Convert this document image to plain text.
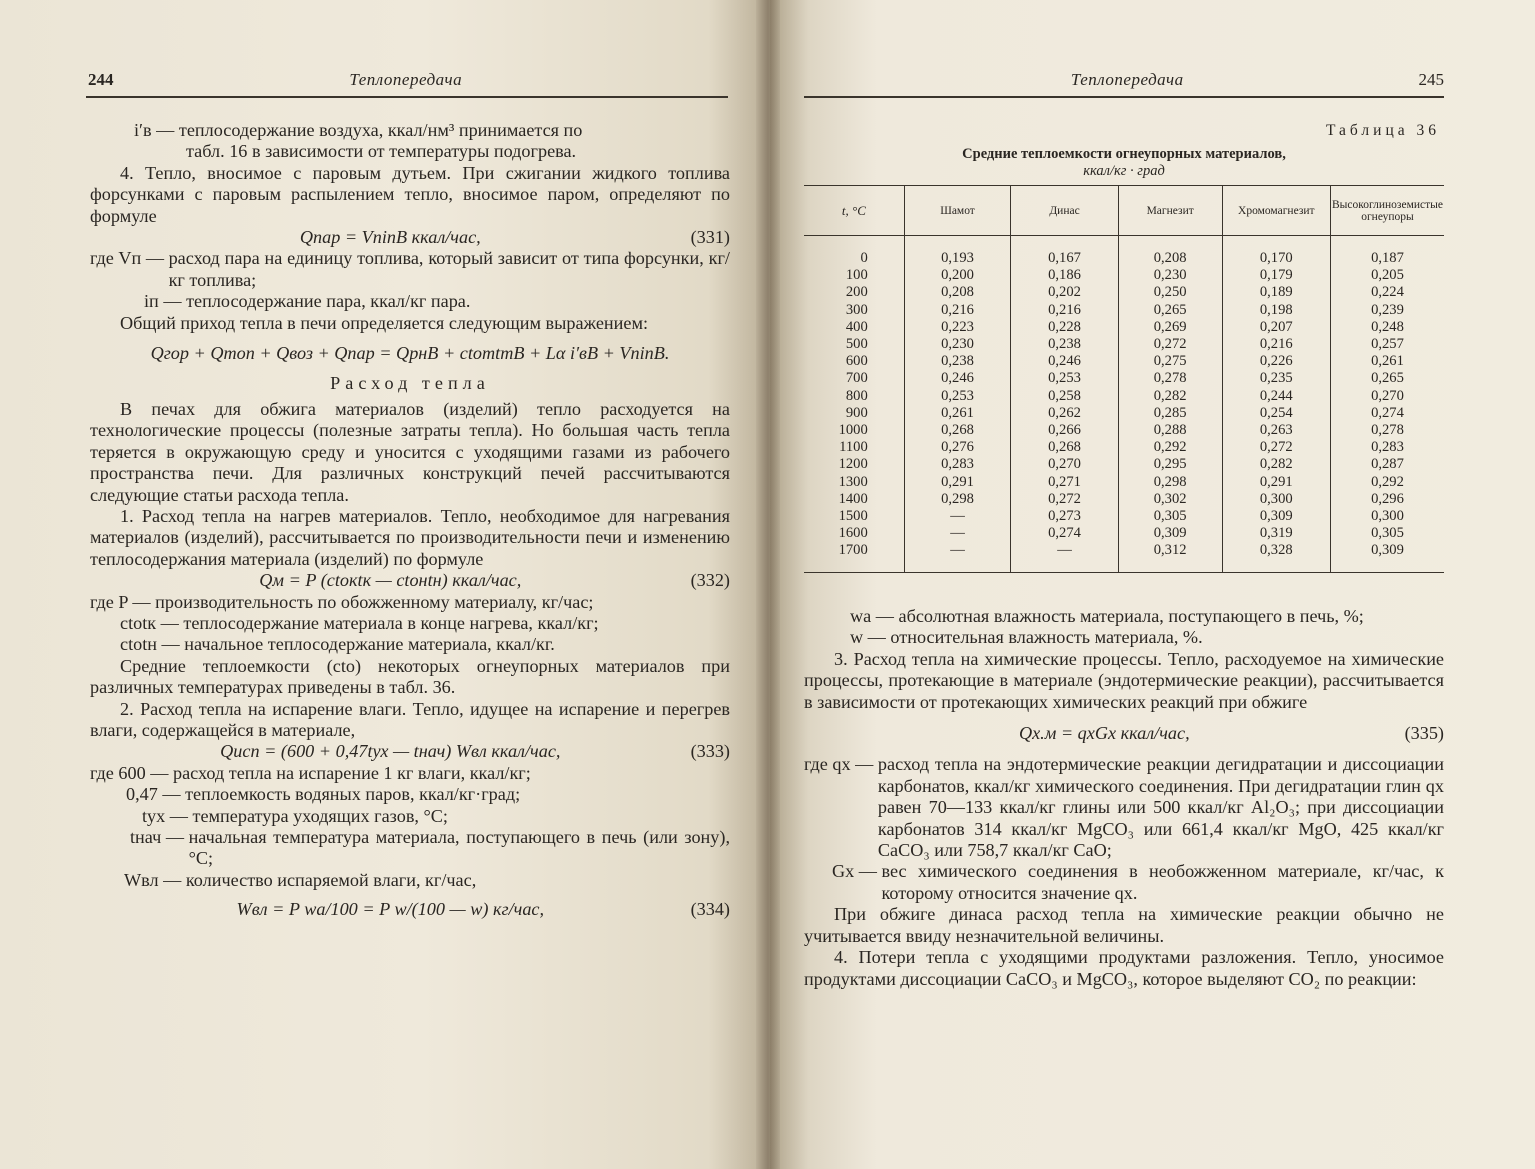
244	Теплопередача

i′в — теплосодержание воздуха, ккал/нм³ принимается по

табл. 16 в зависимости от температуры подогрева.

4. Тепло, вносимое с паровым дутьем. При сжигании жидкого топлива форсунками с паровым распылением тепло, вносимое паром, определяют по формуле

Qпар = VпiпB ккал/час,	(331)
где Vп — расход пара на единицу топлива, который зависит от типа форсунки, кг/кг топлива;
iп — теплосодержание пара, ккал/кг пара.

Общий приход тепла в печи определяется следующим выражением:

Qгор + Qтоп + Qвоз + Qпар = QрнB + ctoтtтB + Lα i′вB + VпiпB.

Расход тепла

В печах для обжига материалов (изделий) тепло расходуется на технологические процессы (полезные затраты тепла). Но большая часть тепла теряется в окружающую среду и уносится с уходящими газами из рабочего пространства печи. Для различных конструкций печей рассчитываются следующие статьи расхода тепла.

1. Расход тепла на нагрев материалов. Тепло, необходимое для нагревания материалов (изделий), рассчитывается по производительности печи и изменению теплосодержания материала (изделий) по формуле

Qм = P (ctoкtк — ctoнtн) ккал/час,	(332)
где P — производительность по обожженному материалу, кг/час;
ctotк — теплосодержание материала в конце нагрева, ккал/кг;
ctotн — начальное теплосодержание материала, ккал/кг.

Средние теплоемкости (cto) некоторых огнеупорных материалов при различных температурах приведены в табл. 36.

2. Расход тепла на испарение влаги. Тепло, идущее на испарение и перегрев влаги, содержащейся в материале,

Qисп = (600 + 0,47tух — tнач) Wвл ккал/час,	(333)
где 600 — расход тепла на испарение 1 кг влаги, ккал/кг;
0,47 — теплоемкость водяных паров, ккал/кг·град;
tух — температура уходящих газов, °С;
tнач — начальная температура материала, поступающего в печь (или зону), °С;
Wвл — количество испаряемой влаги, кг/час,
Wвл = P wa/100 = P w/(100 — w) кг/час,	(334)
Теплопередача	245
Таблица 36
Средние теплоемкости огнеупорных материалов,
ккал/кг · град
t, °С	Шамот	Динас	Магнезит	Хромомагнезит	Высокоглиноземистые огнеупоры
0	0,193	0,167	0,208	0,170	0,187
100	0,200	0,186	0,230	0,179	0,205
200	0,208	0,202	0,250	0,189	0,224
300	0,216	0,216	0,265	0,198	0,239
400	0,223	0,228	0,269	0,207	0,248
500	0,230	0,238	0,272	0,216	0,257
600	0,238	0,246	0,275	0,226	0,261
700	0,246	0,253	0,278	0,235	0,265
800	0,253	0,258	0,282	0,244	0,270
900	0,261	0,262	0,285	0,254	0,274
1000	0,268	0,266	0,288	0,263	0,278
1100	0,276	0,268	0,292	0,272	0,283
1200	0,283	0,270	0,295	0,282	0,287
1300	0,291	0,271	0,298	0,291	0,292
1400	0,298	0,272	0,302	0,300	0,296
1500	—	0,273	0,305	0,309	0,300
1600	—	0,274	0,309	0,319	0,305
1700	—	—	0,312	0,328	0,309
wа — абсолютная влажность материала, поступающего в печь, %;
w — относительная влажность материала, %.

3. Расход тепла на химические процессы. Тепло, расходуемое на химические процессы, протекающие в материале (эндотермические реакции), рассчитывается в зависимости от протекающих химических реакций при обжиге

Qх.м = qхGх ккал/час,	(335)
где qх — расход тепла на эндотермические реакции дегидратации и диссоциации карбонатов, ккал/кг химического соединения. При дегидратации глин qх равен 70—133 ккал/кг глины или 500 ккал/кг Al₂O₃; при диссоциации карбонатов 314 ккал/кг MgCO₃ или 661,4 ккал/кг MgO, 425 ккал/кг CaCO₃ или 758,7 ккал/кг CaO;
Gх — вес химического соединения в необожженном материале, кг/час, к которому относится значение qх.

При обжиге динаса расход тепла на химические реакции обычно не учитывается ввиду незначительной величины.

4. Потери тепла с уходящими продуктами разложения. Тепло, уносимое продуктами диссоциации CaCO₃ и MgCO₃, которое выделяют CO₂ по реакции:
